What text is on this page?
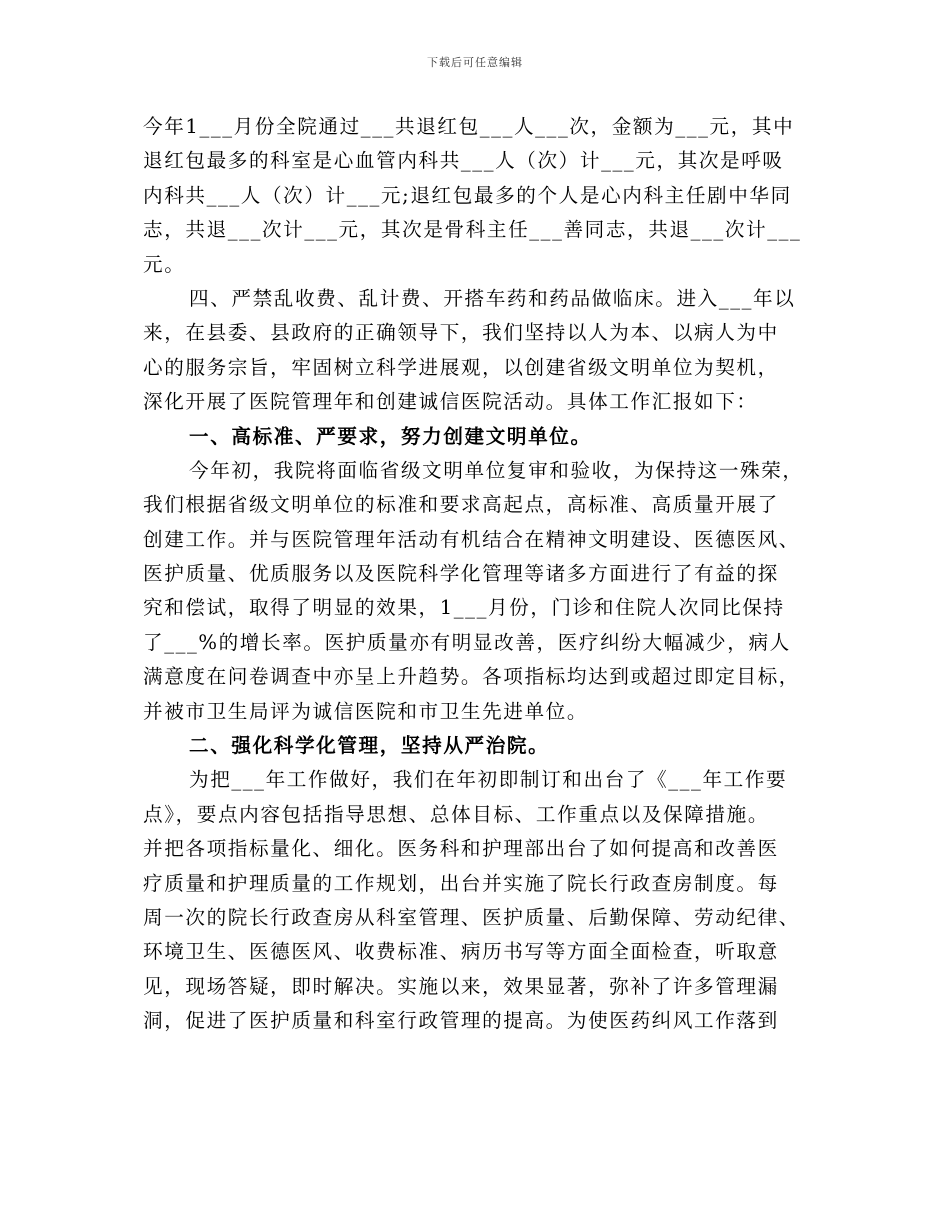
下载后可任意编辑
今年1___月份全院通过___共退红包___人___次，金额为___元，其中
退红包最多的科室是心血管内科共___人（次）计___元，其次是呼吸
内科共___人（次）计___元;退红包最多的个人是心内科主任剧中华同
志，共退___次计___元，其次是骨科主任___善同志，共退___次计___
元。
四、严禁乱收费、乱计费、开搭车药和药品做临床。进入___年以
来，在县委、县政府的正确领导下，我们坚持以人为本、以病人为中
心的服务宗旨，牢固树立科学进展观，以创建省级文明单位为契机，
深化开展了医院管理年和创建诚信医院活动。具体工作汇报如下：
一、高标准、严要求，努力创建文明单位。
今年初，我院将面临省级文明单位复审和验收，为保持这一殊荣，
我们根据省级文明单位的标准和要求高起点，高标准、高质量开展了
创建工作。并与医院管理年活动有机结合在精神文明建设、医德医风、
医护质量、优质服务以及医院科学化管理等诸多方面进行了有益的探
究和偿试，取得了明显的效果，1___月份，门诊和住院人次同比保持
了___%的增长率。医护质量亦有明显改善，医疗纠纷大幅减少，病人
满意度在问卷调查中亦呈上升趋势。各项指标均达到或超过即定目标，
并被市卫生局评为诚信医院和市卫生先进单位。
二、强化科学化管理，坚持从严治院。
为把___年工作做好，我们在年初即制订和出台了《___年工作要
点》，要点内容包括指导思想、总体目标、工作重点以及保障措施。
并把各项指标量化、细化。医务科和护理部出台了如何提高和改善医
疗质量和护理质量的工作规划，出台并实施了院长行政查房制度。每
周一次的院长行政查房从科室管理、医护质量、后勤保障、劳动纪律、
环境卫生、医德医风、收费标准、病历书写等方面全面检查，听取意
见，现场答疑，即时解决。实施以来，效果显著，弥补了许多管理漏
洞，促进了医护质量和科室行政管理的提高。为使医药纠风工作落到
